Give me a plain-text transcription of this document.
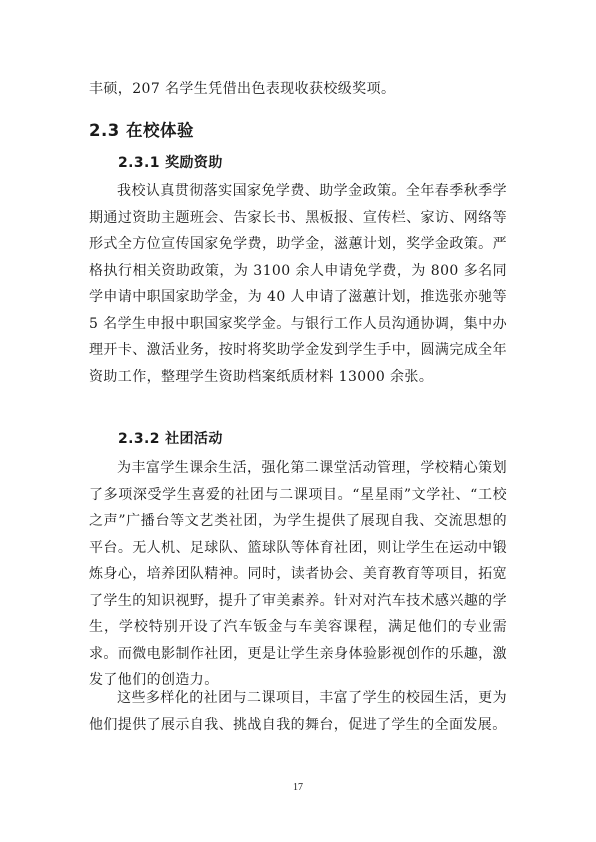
丰硕，207 名学生凭借出色表现收获校级奖项。

2.3 在校体验
2.3.1 奖励资助

我校认真贯彻落实国家免学费、助学金政策。全年春季秋季学期通过资助主题班会、告家长书、黑板报、宣传栏、家访、网络等形式全方位宣传国家免学费，助学金，滋蕙计划，奖学金政策。严格执行相关资助政策，为 3100 余人申请免学费，为 800 多名同学申请中职国家助学金，为 40 人申请了滋蕙计划，推选张亦驰等 5 名学生申报中职国家奖学金。与银行工作人员沟通协调，集中办理开卡、激活业务，按时将奖助学金发到学生手中，圆满完成全年资助工作，整理学生资助档案纸质材料 13000 余张。

2.3.2 社团活动

为丰富学生课余生活，强化第二课堂活动管理，学校精心策划了多项深受学生喜爱的社团与二课项目。“星星雨”文学社、“工校之声”广播台等文艺类社团，为学生提供了展现自我、交流思想的平台。无人机、足球队、篮球队等体育社团，则让学生在运动中锻炼身心，培养团队精神。同时，读者协会、美育教育等项目，拓宽了学生的知识视野，提升了审美素养。针对对汽车技术感兴趣的学生，学校特别开设了汽车钣金与车美容课程，满足他们的专业需求。而微电影制作社团，更是让学生亲身体验影视创作的乐趣，激发了他们的创造力。

这些多样化的社团与二课项目，丰富了学生的校园生活，更为他们提供了展示自我、挑战自我的舞台，促进了学生的全面发展。

17
